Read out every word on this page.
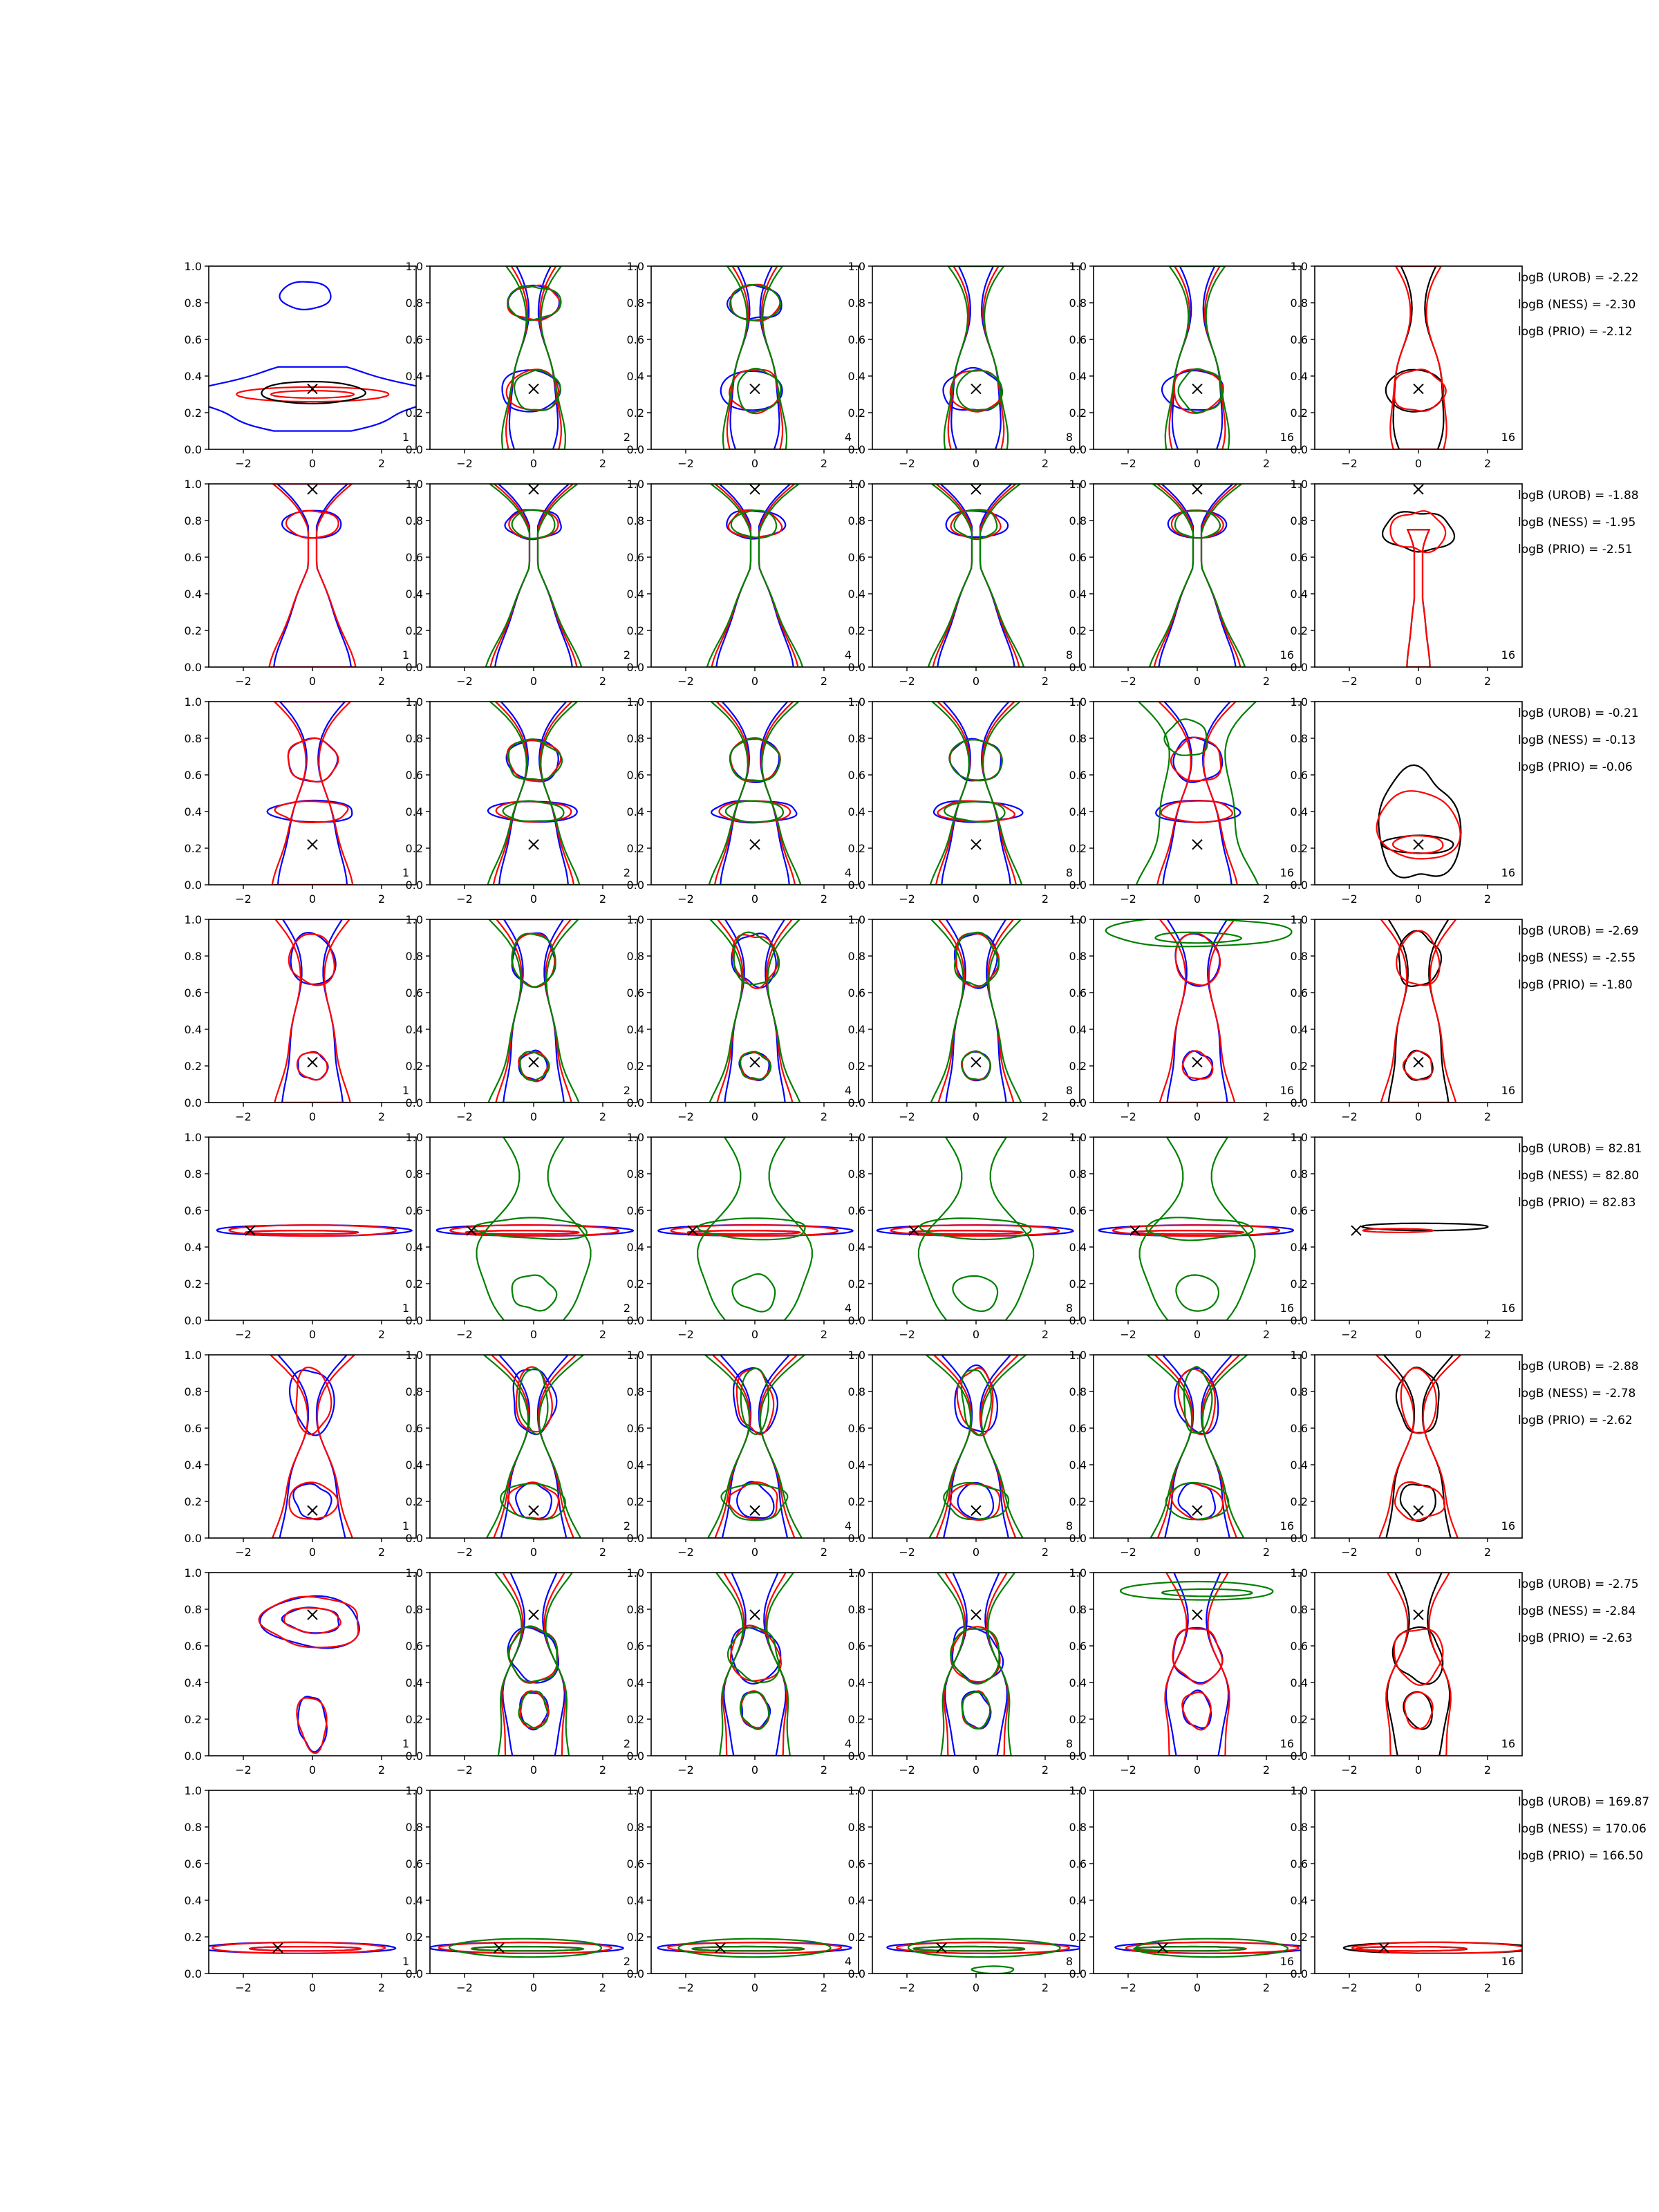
−2	0	2
0.0
0.2
0.4
0.6
0.8
1.0
1
−2	0	2
0.0
0.2
0.4
0.6
0.8
1.0
2
−2	0	2
0.0
0.2
0.4
0.6
0.8
1.0
4
−2	0	2
0.0
0.2
0.4
0.6
0.8
1.0
8
−2	0	2
0.0
0.2
0.4
0.6
0.8
1.0
16
−2	0	2
0.0
0.2
0.4
0.6
0.8
1.0
16
−2	0	2
0.0
0.2
0.4
0.6
0.8
1.0
1
−2	0	2
0.0
0.2
0.4
0.6
0.8
1.0
2
−2	0	2
0.0
0.2
0.4
0.6
0.8
1.0
4
−2	0	2
0.0
0.2
0.4
0.6
0.8
1.0
8
−2	0	2
0.0
0.2
0.4
0.6
0.8
1.0
16
−2	0	2
0.0
0.2
0.4
0.6
0.8
1.0
16
−2	0	2
0.0
0.2
0.4
0.6
0.8
1.0
1
−2	0	2
0.0
0.2
0.4
0.6
0.8
1.0
2
−2	0	2
0.0
0.2
0.4
0.6
0.8
1.0
4
−2	0	2
0.0
0.2
0.4
0.6
0.8
1.0
8
−2	0	2
0.0
0.2
0.4
0.6
0.8
1.0
16
−2	0	2
0.0
0.2
0.4
0.6
0.8
1.0
16
−2	0	2
0.0
0.2
0.4
0.6
0.8
1.0
1
−2	0	2
0.0
0.2
0.4
0.6
0.8
1.0
2
−2	0	2
0.0
0.2
0.4
0.6
0.8
1.0
4
−2	0	2
0.0
0.2
0.4
0.6
0.8
1.0
8
−2	0	2
0.0
0.2
0.4
0.6
0.8
1.0
16
−2	0	2
0.0
0.2
0.4
0.6
0.8
1.0
16
−2	0	2
0.0
0.2
0.4
0.6
0.8
1.0
1
−2	0	2
0.0
0.2
0.4
0.6
0.8
1.0
2
−2	0	2
0.0
0.2
0.4
0.6
0.8
1.0
4
−2	0	2
0.0
0.2
0.4
0.6
0.8
1.0
8
−2	0	2
0.0
0.2
0.4
0.6
0.8
1.0
16
−2	0	2
0.0
0.2
0.4
0.6
0.8
1.0
16
−2	0	2
0.0
0.2
0.4
0.6
0.8
1.0
1
−2	0	2
0.0
0.2
0.4
0.6
0.8
1.0
2
−2	0	2
0.0
0.2
0.4
0.6
0.8
1.0
4
−2	0	2
0.0
0.2
0.4
0.6
0.8
1.0
8
−2	0	2
0.0
0.2
0.4
0.6
0.8
1.0
16
−2	0	2
0.0
0.2
0.4
0.6
0.8
1.0
16
−2	0	2
0.0
0.2
0.4
0.6
0.8
1.0
1
−2	0	2
0.0
0.2
0.4
0.6
0.8
1.0
2
−2	0	2
0.0
0.2
0.4
0.6
0.8
1.0
4
−2	0	2
0.0
0.2
0.4
0.6
0.8
1.0
8
−2	0	2
0.0
0.2
0.4
0.6
0.8
1.0
16
−2	0	2
0.0
0.2
0.4
0.6
0.8
1.0
16
−2	0	2
0.0
0.2
0.4
0.6
0.8
1.0
1
−2	0	2
0.0
0.2
0.4
0.6
0.8
1.0
2
−2	0	2
0.0
0.2
0.4
0.6
0.8
1.0
4
−2	0	2
0.0
0.2
0.4
0.6
0.8
1.0
8
−2	0	2
0.0
0.2
0.4
0.6
0.8
1.0
16
−2	0	2
0.0
0.2
0.4
0.6
0.8
1.0
16
logB (UROB) = -2.22
logB (NESS) = -2.30
logB (PRIO) = -2.12
logB (UROB) = -1.88
logB (NESS) = -1.95
logB (PRIO) = -2.51
logB (UROB) = -0.21
logB (NESS) = -0.13
logB (PRIO) = -0.06
logB (UROB) = -2.69
logB (NESS) = -2.55
logB (PRIO) = -1.80
logB (UROB) = 82.81
logB (NESS) = 82.80
logB (PRIO) = 82.83
logB (UROB) = -2.88
logB (NESS) = -2.78
logB (PRIO) = -2.62
logB (UROB) = -2.75
logB (NESS) = -2.84
logB (PRIO) = -2.63
logB (UROB) = 169.87
logB (NESS) = 170.06
logB (PRIO) = 166.50
